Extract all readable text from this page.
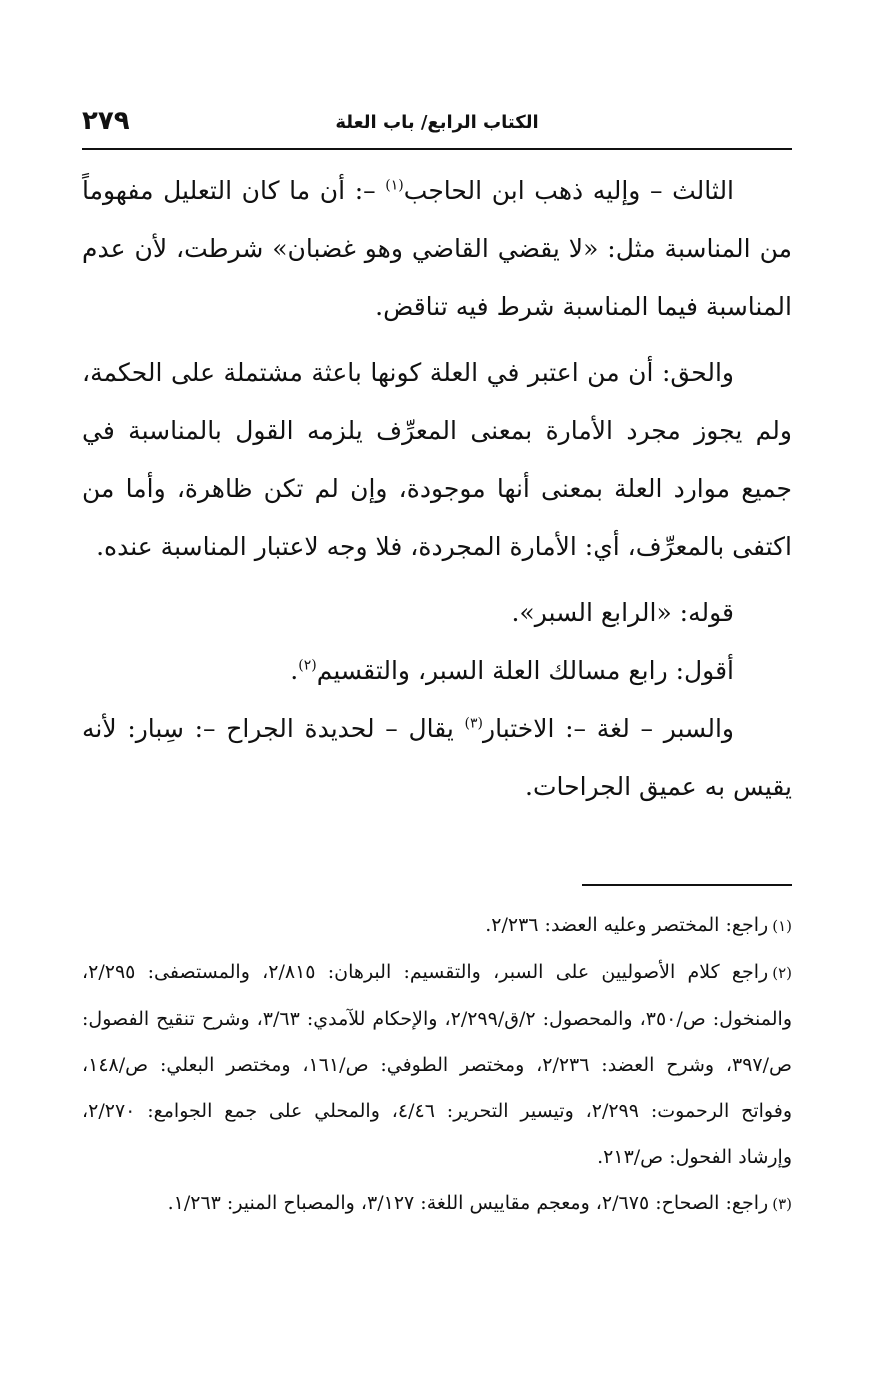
الكتاب الرابع/ باب العلة
٢٧٩

الثالث – وإليه ذهب ابن الحاجب$^{(١)}$ –: أن ما كان التعليل مفهوماً من المناسبة مثل: «لا يقضي القاضي وهو غضبان» شرطت، لأن عدم المناسبة فيما المناسبة شرط فيه تناقض.

والحق: أن من اعتبر في العلة كونها باعثة مشتملة على الحكمة، ولم يجوز مجرد الأمارة بمعنى المعرِّف يلزمه القول بالمناسبة في جميع موارد العلة بمعنى أنها موجودة، وإن لم تكن ظاهرة، وأما من اكتفى بالمعرِّف، أي: الأمارة المجردة، فلا وجه لاعتبار المناسبة عنده.

قوله: «الرابع السبر».

أقول: رابع مسالك العلة السبر، والتقسيم$^{(٢)}$.

والسبر – لغة –: الاختبار$^{(٣)}$ يقال – لحديدة الجراح –: سِبار: لأنه يقيس به عميق الجراحات.

(١)راجع: المختصر وعليه العضد: ٢/٢٣٦.

(٢)راجع كلام الأصوليين على السبر، والتقسيم: البرهان: ٢/٨١٥، والمستصفى: ٢/٢٩٥، والمنخول: ص/٣٥٠، والمحصول: ٢/ق/٢/٢٩٩، والإحكام للآمدي: ٣/٦٣، وشرح تنقيح الفصول: ص/٣٩٧، وشرح العضد: ٢/٢٣٦، ومختصر الطوفي: ص/١٦١، ومختصر البعلي: ص/١٤٨، وفواتح الرحموت: ٢/٢٩٩، وتيسير التحرير: ٤/٤٦، والمحلي على جمع الجوامع: ٢/٢٧٠، وإرشاد الفحول: ص/٢١٣.

(٣)راجع: الصحاح: ٢/٦٧٥، ومعجم مقاييس اللغة: ٣/١٢٧، والمصباح المنير: ١/٢٦٣.
